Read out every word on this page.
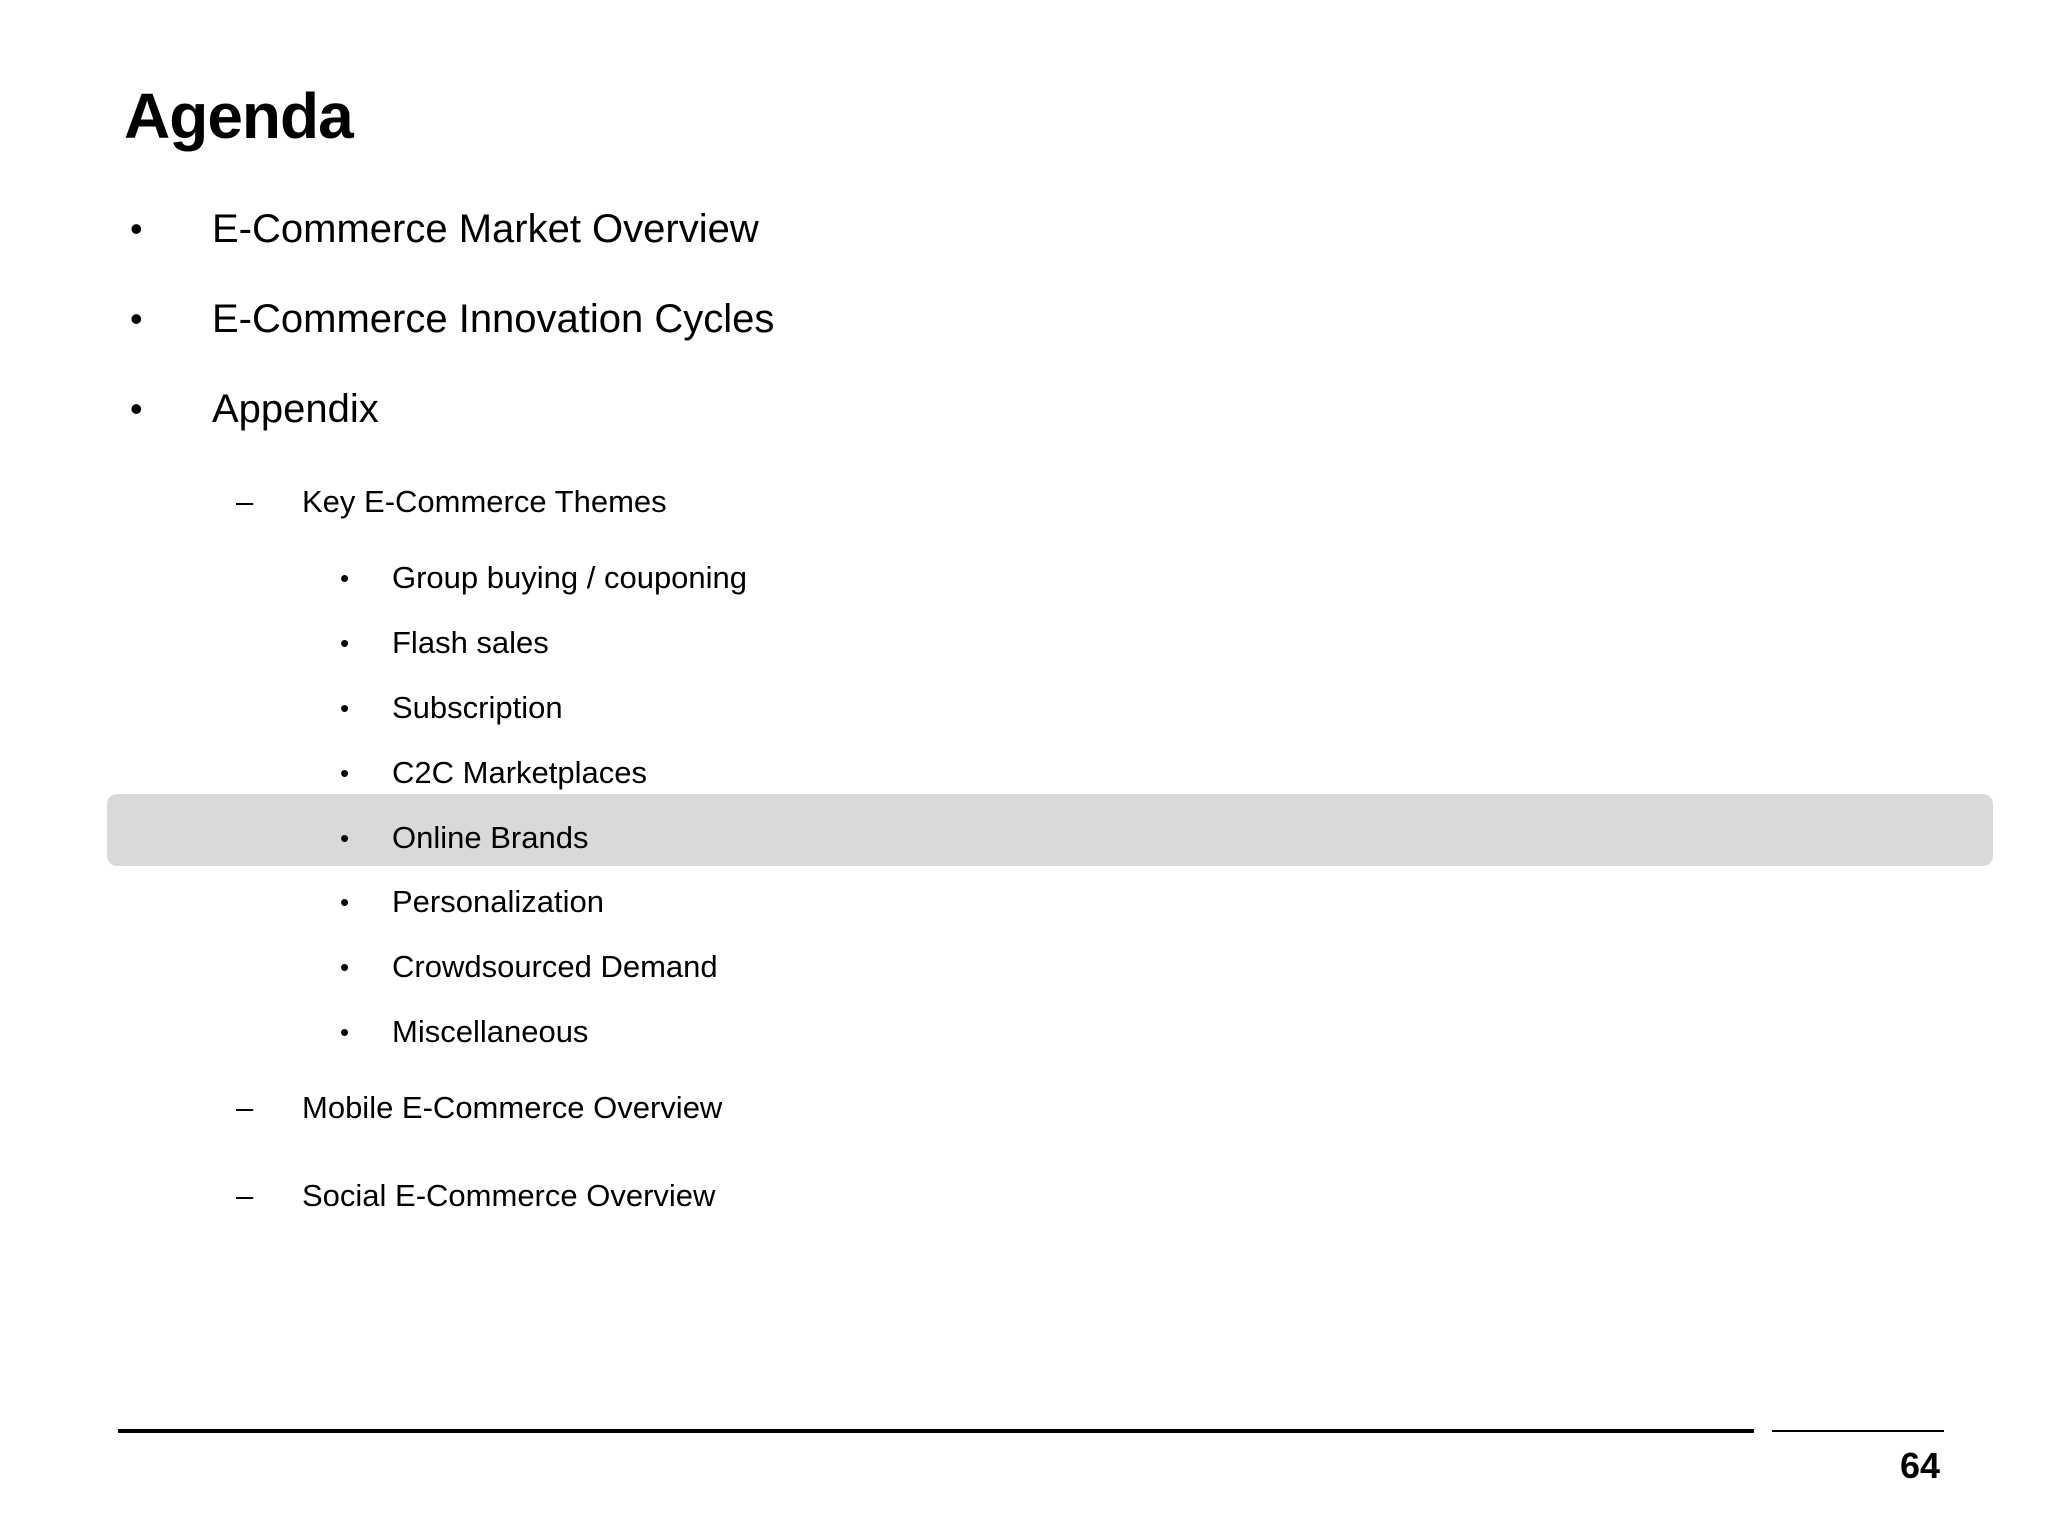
Agenda
• E-Commerce Market Overview
• E-Commerce Innovation Cycles
• Appendix
– Key E-Commerce Themes
• Group buying / couponing
• Flash sales
• Subscription
• C2C Marketplaces
• Online Brands
• Personalization
• Crowdsourced Demand
• Miscellaneous
– Mobile E-Commerce Overview
– Social E-Commerce Overview
64
